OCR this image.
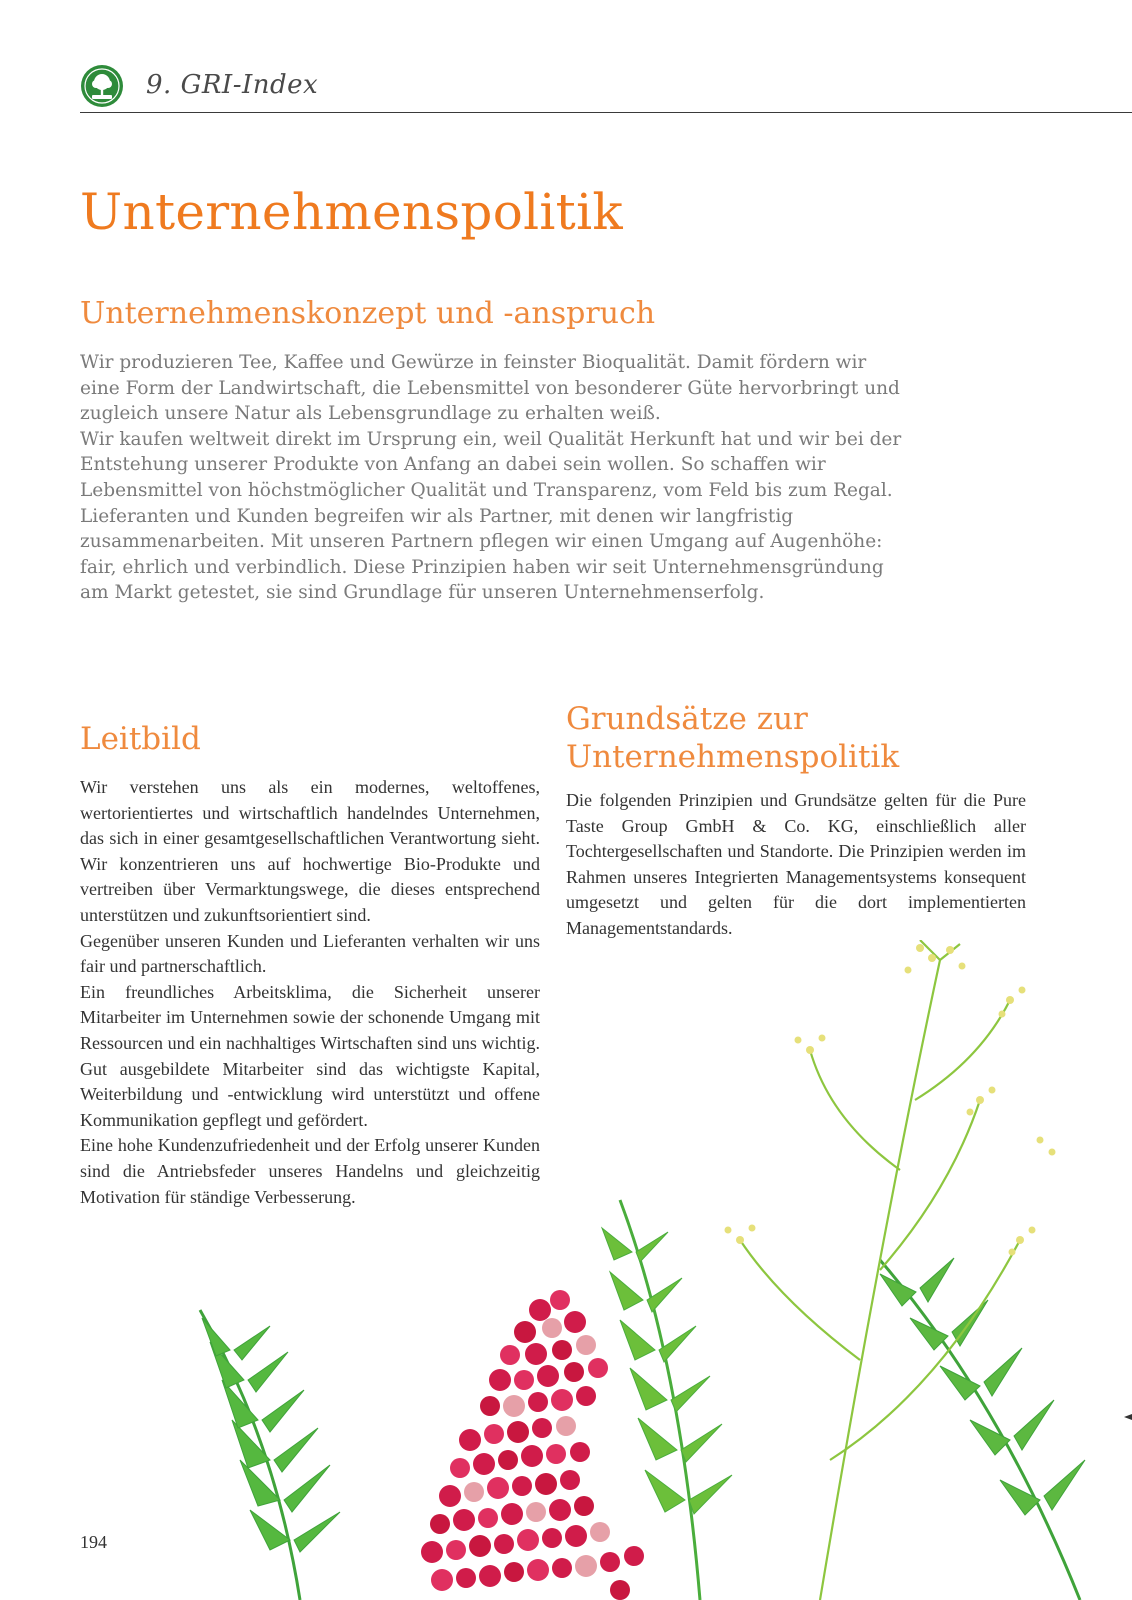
9. GRI-Index
Unternehmenspolitik
Unternehmenskonzept und -anspruch

Wir produzieren Tee, Kaffee und Gewürze in feinster Bioqualität. Damit fördern wir eine Form der Landwirtschaft, die Lebensmittel von besonderer Güte hervorbringt und zugleich unsere Natur als Lebensgrundlage zu erhalten weiß.
Wir kaufen weltweit direkt im Ursprung ein, weil Qualität Herkunft hat und wir bei der Entstehung unserer Produkte von Anfang an dabei sein wollen. So schaffen wir Lebensmittel von höchstmöglicher Qualität und Transparenz, vom Feld bis zum Regal. Lieferanten und Kunden begreifen wir als Partner, mit denen wir langfristig zusammenarbeiten. Mit unseren Partnern pflegen wir einen Umgang auf Augenhöhe: fair, ehrlich und verbindlich. Diese Prinzipien haben wir seit Unternehmensgründung am Markt getestet, sie sind Grundlage für unseren Unternehmenserfolg.

Leitbild

Wir verstehen uns als ein modernes, weltoffenes, wertorientiertes und wirtschaftlich handelndes Unternehmen, das sich in einer gesamtgesellschaftlichen Verantwortung sieht. Wir konzentrieren uns auf hochwertige Bio-Produkte und vertreiben über Vermarktungswege, die dieses entsprechend unterstützen und zukunftsorientiert sind.
Gegenüber unseren Kunden und Lieferanten verhalten wir uns fair und partnerschaftlich.
Ein freundliches Arbeitsklima, die Sicherheit unserer Mitarbeiter im Unternehmen sowie der schonende Umgang mit Ressourcen und ein nachhaltiges Wirtschaften sind uns wichtig. Gut ausgebildete Mitarbeiter sind das wichtigste Kapital, Weiterbildung und -entwicklung wird unterstützt und offene Kommunikation gepflegt und gefördert.
Eine hohe Kundenzufriedenheit und der Erfolg unserer Kunden sind die Antriebsfeder unseres Handelns und gleichzeitig Motivation für ständige Verbesserung.

Grundsätze zur
Unternehmenspolitik

Die folgenden Prinzipien und Grundsätze gelten für die Pure Taste Group GmbH & Co. KG, einschließlich aller Tochtergesellschaften und Standorte. Die Prinzipien werden im Rahmen unseres Integrierten Managementsystems konsequent umgesetzt und gelten für die dort implementierten Managementstandards.

194
